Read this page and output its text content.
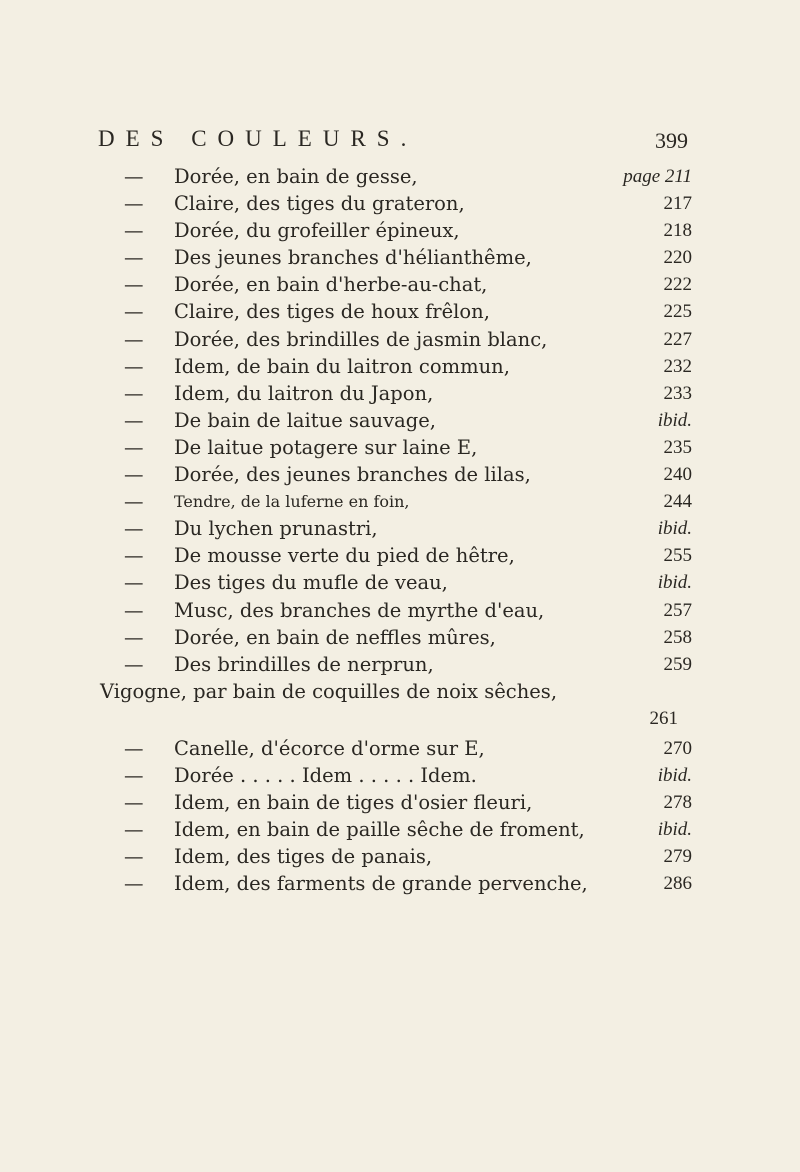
DES COULEURS.	399
— Dorée, en bain de gesse,	page 211
— Claire, des tiges du grateron,	217
— Dorée, du grofeiller épineux,	218
— Des jeunes branches d'hélianthême,	220
— Dorée, en bain d'herbe-au-chat,	222
— Claire, des tiges de houx frêlon,	225
— Dorée, des brindilles de jasmin blanc,	227
— Idem, de bain du laitron commun,	232
— Idem, du laitron du Japon,	233
— De bain de laitue sauvage,	ibid.
— De laitue potagere sur laine E,	235
— Dorée, des jeunes branches de lilas,	240
— Tendre, de la luferne en foin,	244
— Du lychen prunastri,	ibid.
— De mousse verte du pied de hêtre,	255
— Des tiges du mufle de veau,	ibid.
— Musc, des branches de myrthe d'eau,	257
— Dorée, en bain de neffles mûres,	258
— Des brindilles de nerprun,	259
Vigogne, par bain de coquilles de noix sêches,
261
— Canelle, d'écorce d'orme sur E,	270
— Dorée . . . . . Idem . . . . . Idem.	ibid.
— Idem, en bain de tiges d'osier fleuri,	278
— Idem, en bain de paille sêche de froment,	ibid.
— Idem, des tiges de panais,	279
— Idem, des farments de grande pervenche,	286
